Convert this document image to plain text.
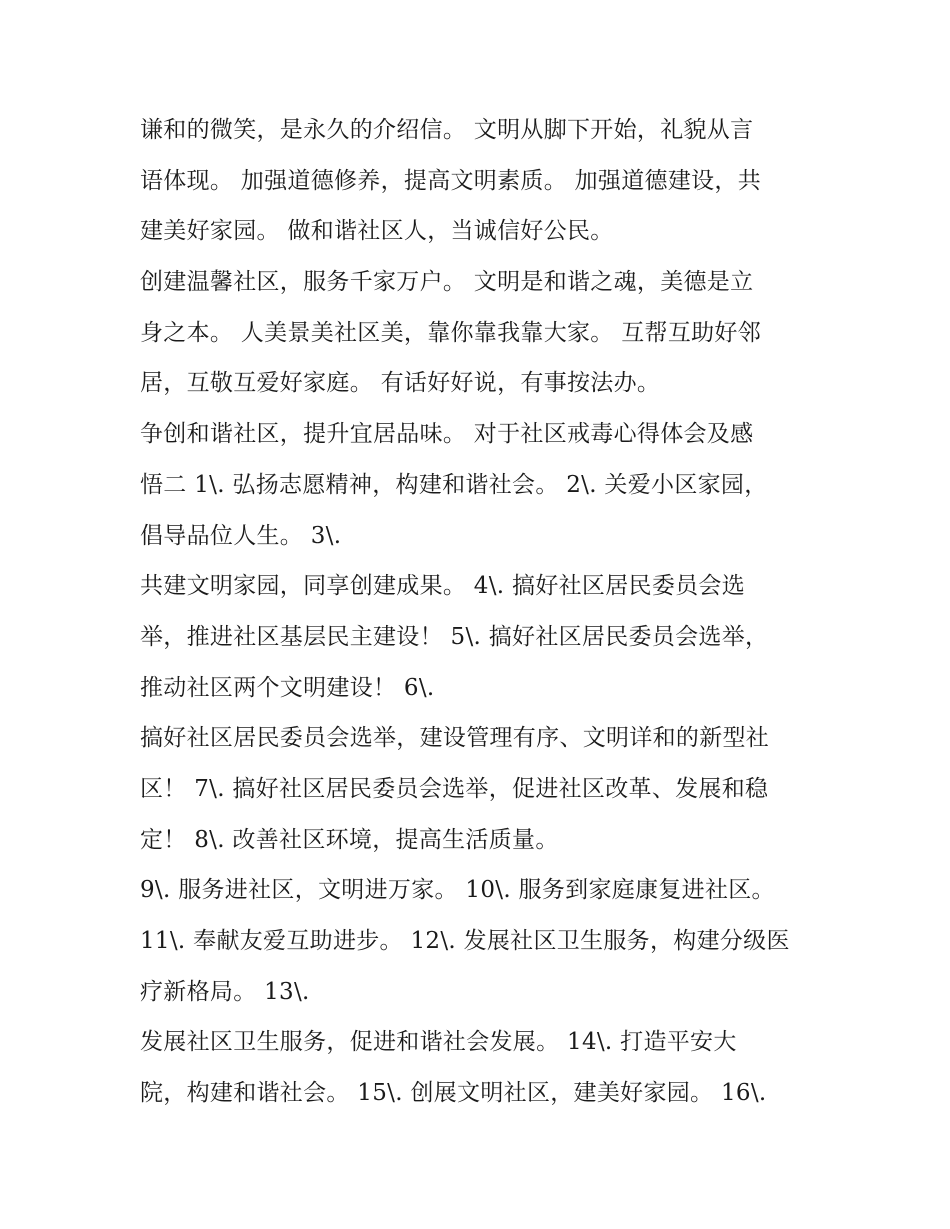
谦和的微笑，是永久的介绍信。 文明从脚下开始，礼貌从言
语体现。 加强道德修养，提高文明素质。 加强道德建设，共
建美好家园。 做和谐社区人，当诚信好公民。
创建温馨社区，服务千家万户。 文明是和谐之魂，美德是立
身之本。 人美景美社区美，靠你靠我靠大家。 互帮互助好邻
居，互敬互爱好家庭。 有话好好说，有事按法办。
争创和谐社区，提升宜居品味。 对于社区戒毒心得体会及感
悟二 1\. 弘扬志愿精神，构建和谐社会。 2\. 关爱小区家园，
倡导品位人生。 3\.
共建文明家园，同享创建成果。 4\. 搞好社区居民委员会选
举，推进社区基层民主建设！ 5\. 搞好社区居民委员会选举，
推动社区两个文明建设！ 6\.
搞好社区居民委员会选举，建设管理有序、文明详和的新型社
区！ 7\. 搞好社区居民委员会选举，促进社区改革、发展和稳
定！ 8\. 改善社区环境，提高生活质量。
9\. 服务进社区，文明进万家。 10\. 服务到家庭康复进社区。
11\. 奉献友爱互助进步。 12\. 发展社区卫生服务，构建分级医
疗新格局。 13\.
发展社区卫生服务，促进和谐社会发展。 14\. 打造平安大
院，构建和谐社会。 15\. 创展文明社区，建美好家园。 16\.
